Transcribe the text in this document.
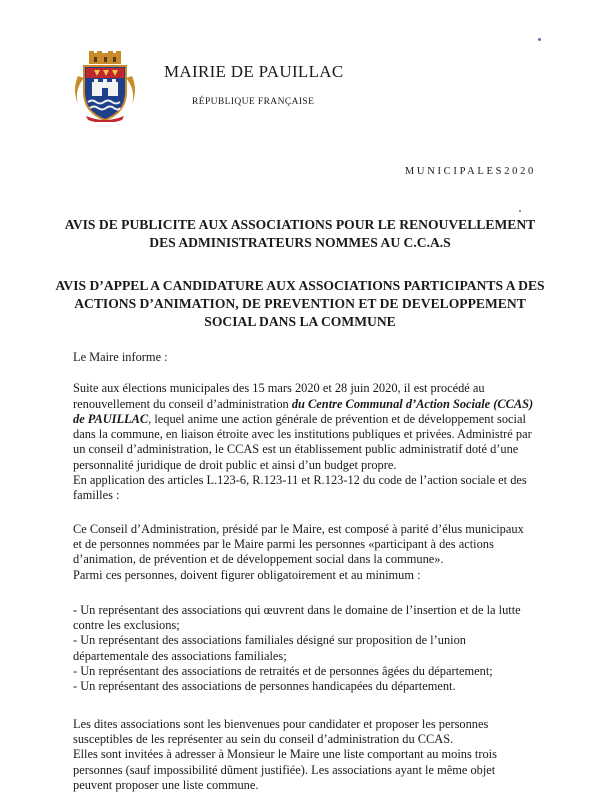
MAIRIE DE PAUILLAC
RÉPUBLIQUE FRANÇAISE
MUNICIPALES2020
AVIS DE PUBLICITE AUX ASSOCIATIONS POUR LE RENOUVELLEMENT DES ADMINISTRATEURS NOMMES AU C.C.A.S
AVIS D’APPEL A CANDIDATURE AUX ASSOCIATIONS PARTICIPANTS A DES ACTIONS D’ANIMATION, DE PREVENTION ET DE DEVELOPPEMENT SOCIAL DANS LA COMMUNE

Le Maire informe :

Suite aux élections municipales des 15 mars 2020 et 28 juin 2020, il est procédé au renouvellement du conseil d’administration du Centre Communal d’Action Sociale (CCAS) de PAUILLAC, lequel anime une action générale de prévention et de développement social dans la commune, en liaison étroite avec les institutions publiques et privées. Administré par un conseil d’administration, le CCAS est un établissement public administratif doté d’une personnalité juridique de droit public et ainsi d’un budget propre.

En application des articles L.123-6, R.123-11 et R.123-12 du code de l’action sociale et des familles :

Ce Conseil d’Administration, présidé par le Maire, est composé à parité d’élus municipaux et de personnes nommées par le Maire parmi les personnes «participant à des actions d’animation, de prévention et de développement social dans la commune».

Parmi ces personnes, doivent figurer obligatoirement et au minimum :

- Un représentant des associations qui œuvrent dans le domaine de l’insertion et de la lutte contre les exclusions;

- Un représentant des associations familiales désigné sur proposition de l’union départementale des associations familiales;

- Un représentant des associations de retraités et de personnes âgées du département;

- Un représentant des associations de personnes handicapées du département.

Les dites associations sont les bienvenues pour candidater et proposer les personnes susceptibles de les représenter au sein du conseil d’administration du CCAS.

Elles sont invitées à adresser à Monsieur le Maire une liste comportant au moins trois personnes (sauf impossibilité dûment justifiée). Les associations ayant le même objet peuvent proposer une liste commune.
